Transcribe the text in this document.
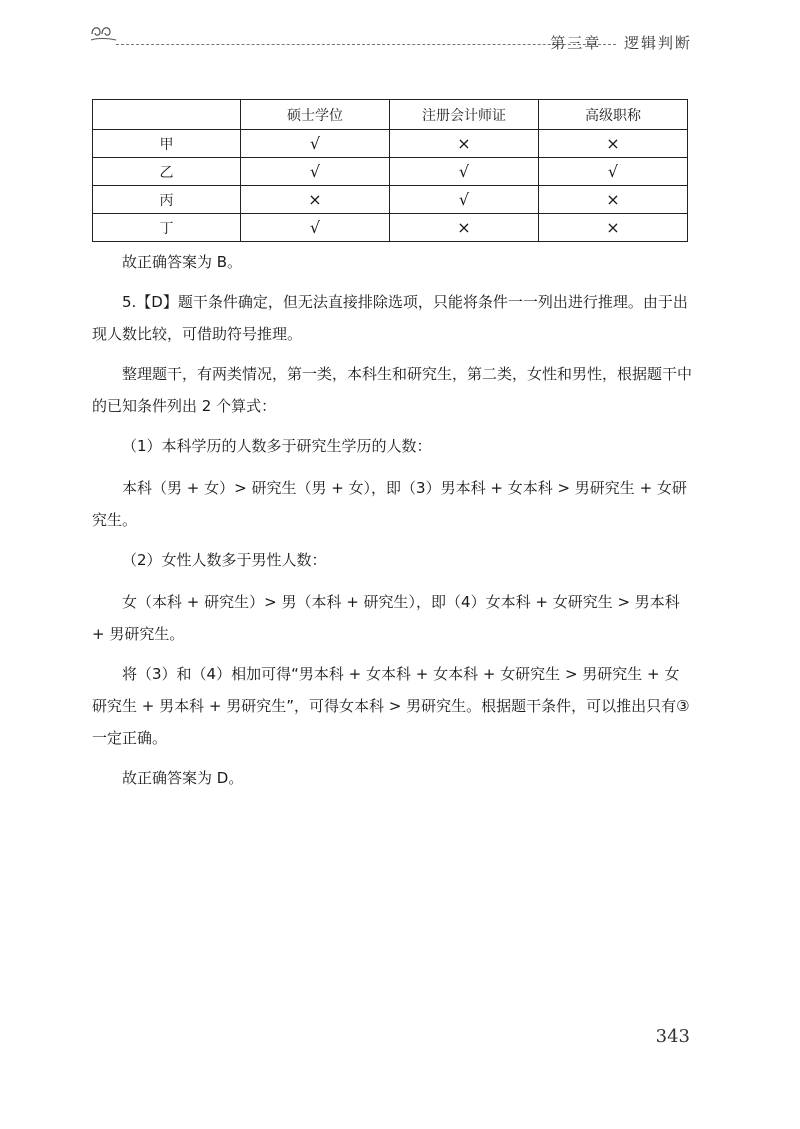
第三章 逻辑判断
	硕士学位	注册会计师证	高级职称
甲	√	×	×
乙	√	√	√
丙	×	√	×
丁	√	×	×

故正确答案为 B。

5.【D】题干条件确定，但无法直接排除选项，只能将条件一一列出进行推理。由于出现人数比较，可借助符号推理。

整理题干，有两类情况，第一类，本科生和研究生，第二类，女性和男性，根据题干中的已知条件列出 2 个算式：

（1）本科学历的人数多于研究生学历的人数：

本科（男 + 女）> 研究生（男 + 女），即（3）男本科 + 女本科 > 男研究生 + 女研究生。

（2）女性人数多于男性人数：

女（本科 + 研究生）> 男（本科 + 研究生），即（4）女本科 + 女研究生 > 男本科 + 男研究生。

将（3）和（4）相加可得“男本科 + 女本科 + 女本科 + 女研究生 > 男研究生 + 女研究生 + 男本科 + 男研究生”，可得女本科 > 男研究生。根据题干条件，可以推出只有③一定正确。

故正确答案为 D。

343
